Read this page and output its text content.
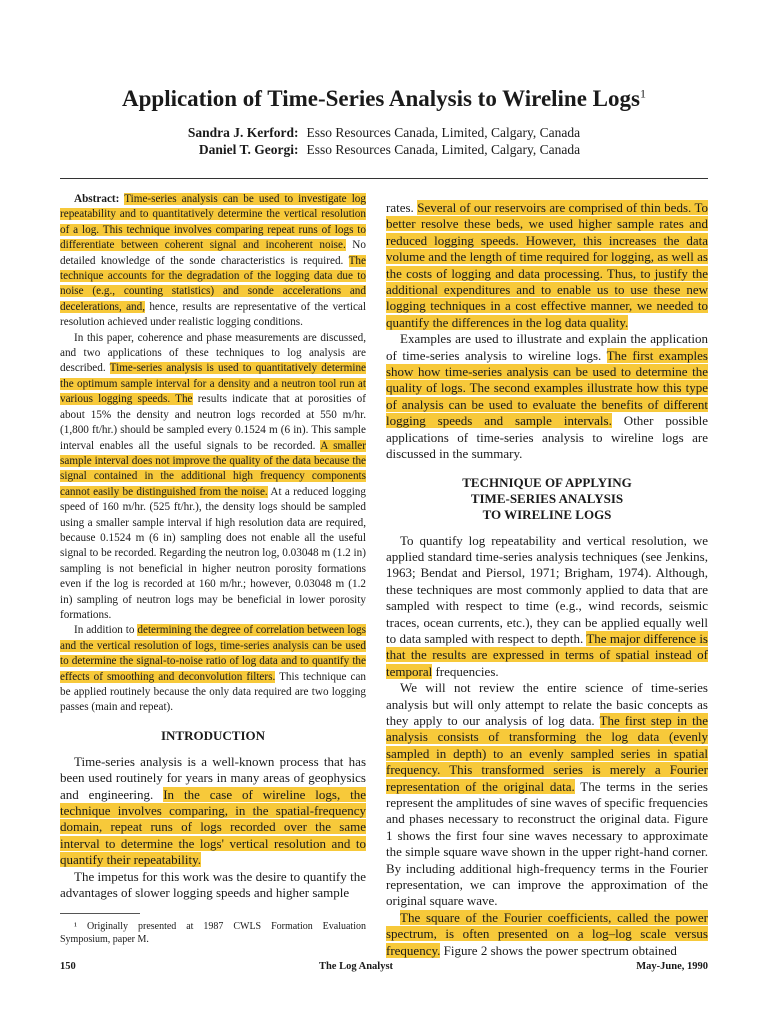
Application of Time-Series Analysis to Wireline Logs$^1$
Sandra J. Kerford:
Daniel T. Georgi:
Esso Resources Canada, Limited, Calgary, Canada
Esso Resources Canada, Limited, Calgary, Canada

Abstract: Time-series analysis can be used to investigate log repeatability and to quantitatively determine the vertical resolution of a log. This technique involves comparing repeat runs of logs to differentiate between coherent signal and incoherent noise. No detailed knowledge of the sonde characteristics is required. The technique accounts for the degradation of the logging data due to noise (e.g., counting statistics) and sonde accelerations and decelerations, and, hence, results are representative of the vertical resolution achieved under realistic logging conditions.

In this paper, coherence and phase measurements are discussed, and two applications of these techniques to log analysis are described. Time-series analysis is used to quantitatively determine the optimum sample interval for a density and a neutron tool run at various logging speeds. The results indicate that at porosities of about 15% the density and neutron logs recorded at 550 m/hr. (1,800 ft/hr.) should be sampled every 0.1524 m (6 in). This sample interval enables all the useful signals to be recorded. A smaller sample interval does not improve the quality of the data because the signal contained in the additional high frequency components cannot easily be distinguished from the noise. At a reduced logging speed of 160 m/hr. (525 ft/hr.), the density logs should be sampled using a smaller sample interval if high resolution data are required, because 0.1524 m (6 in) sampling does not enable all the useful signal to be recorded. Regarding the neutron log, 0.03048 m (1.2 in) sampling is not beneficial in higher neutron porosity formations even if the log is recorded at 160 m/hr.; however, 0.03048 m (1.2 in) sampling of neutron logs may be beneficial in lower porosity formations.

In addition to determining the degree of correlation between logs and the vertical resolution of logs, time-series analysis can be used to determine the signal-to-noise ratio of log data and to quantify the effects of smoothing and deconvolution filters. This technique can be applied routinely because the only data required are two logging passes (main and repeat).

INTRODUCTION

Time-series analysis is a well-known process that has been used routinely for years in many areas of geophysics and engineering. In the case of wireline logs, the technique involves comparing, in the spatial-frequency domain, repeat runs of logs recorded over the same interval to determine the logs' vertical resolution and to quantify their repeatability.

The impetus for this work was the desire to quantify the advantages of slower logging speeds and higher sample

¹ Originally presented at 1987 CWLS Formation Evaluation Symposium, paper M.

rates. Several of our reservoirs are comprised of thin beds. To better resolve these beds, we used higher sample rates and reduced logging speeds. However, this increases the data volume and the length of time required for logging, as well as the costs of logging and data processing. Thus, to justify the additional expenditures and to enable us to use these new logging techniques in a cost effective manner, we needed to quantify the differences in the log data quality.

Examples are used to illustrate and explain the application of time-series analysis to wireline logs. The first examples show how time-series analysis can be used to determine the quality of logs. The second examples illustrate how this type of analysis can be used to evaluate the benefits of different logging speeds and sample intervals. Other possible applications of time-series analysis to wireline logs are discussed in the summary.

TECHNIQUE OF APPLYING
TIME-SERIES ANALYSIS
TO WIRELINE LOGS

To quantify log repeatability and vertical resolution, we applied standard time-series analysis techniques (see Jenkins, 1963; Bendat and Piersol, 1971; Brigham, 1974). Although, these techniques are most commonly applied to data that are sampled with respect to time (e.g., wind records, seismic traces, ocean currents, etc.), they can be applied equally well to data sampled with respect to depth. The major difference is that the results are expressed in terms of spatial instead of temporal frequencies.

We will not review the entire science of time-series analysis but will only attempt to relate the basic concepts as they apply to our analysis of log data. The first step in the analysis consists of transforming the log data (evenly sampled in depth) to an evenly sampled series in spatial frequency. This transformed series is merely a Fourier representation of the original data. The terms in the series represent the amplitudes of sine waves of specific frequencies and phases necessary to reconstruct the original data. Figure 1 shows the first four sine waves necessary to approximate the simple square wave shown in the upper right-hand corner. By including additional high-frequency terms in the Fourier representation, we can improve the approximation of the original square wave.

The square of the Fourier coefficients, called the power spectrum, is often presented on a log–log scale versus frequency. Figure 2 shows the power spectrum obtained

150	The Log Analyst	May-June, 1990
